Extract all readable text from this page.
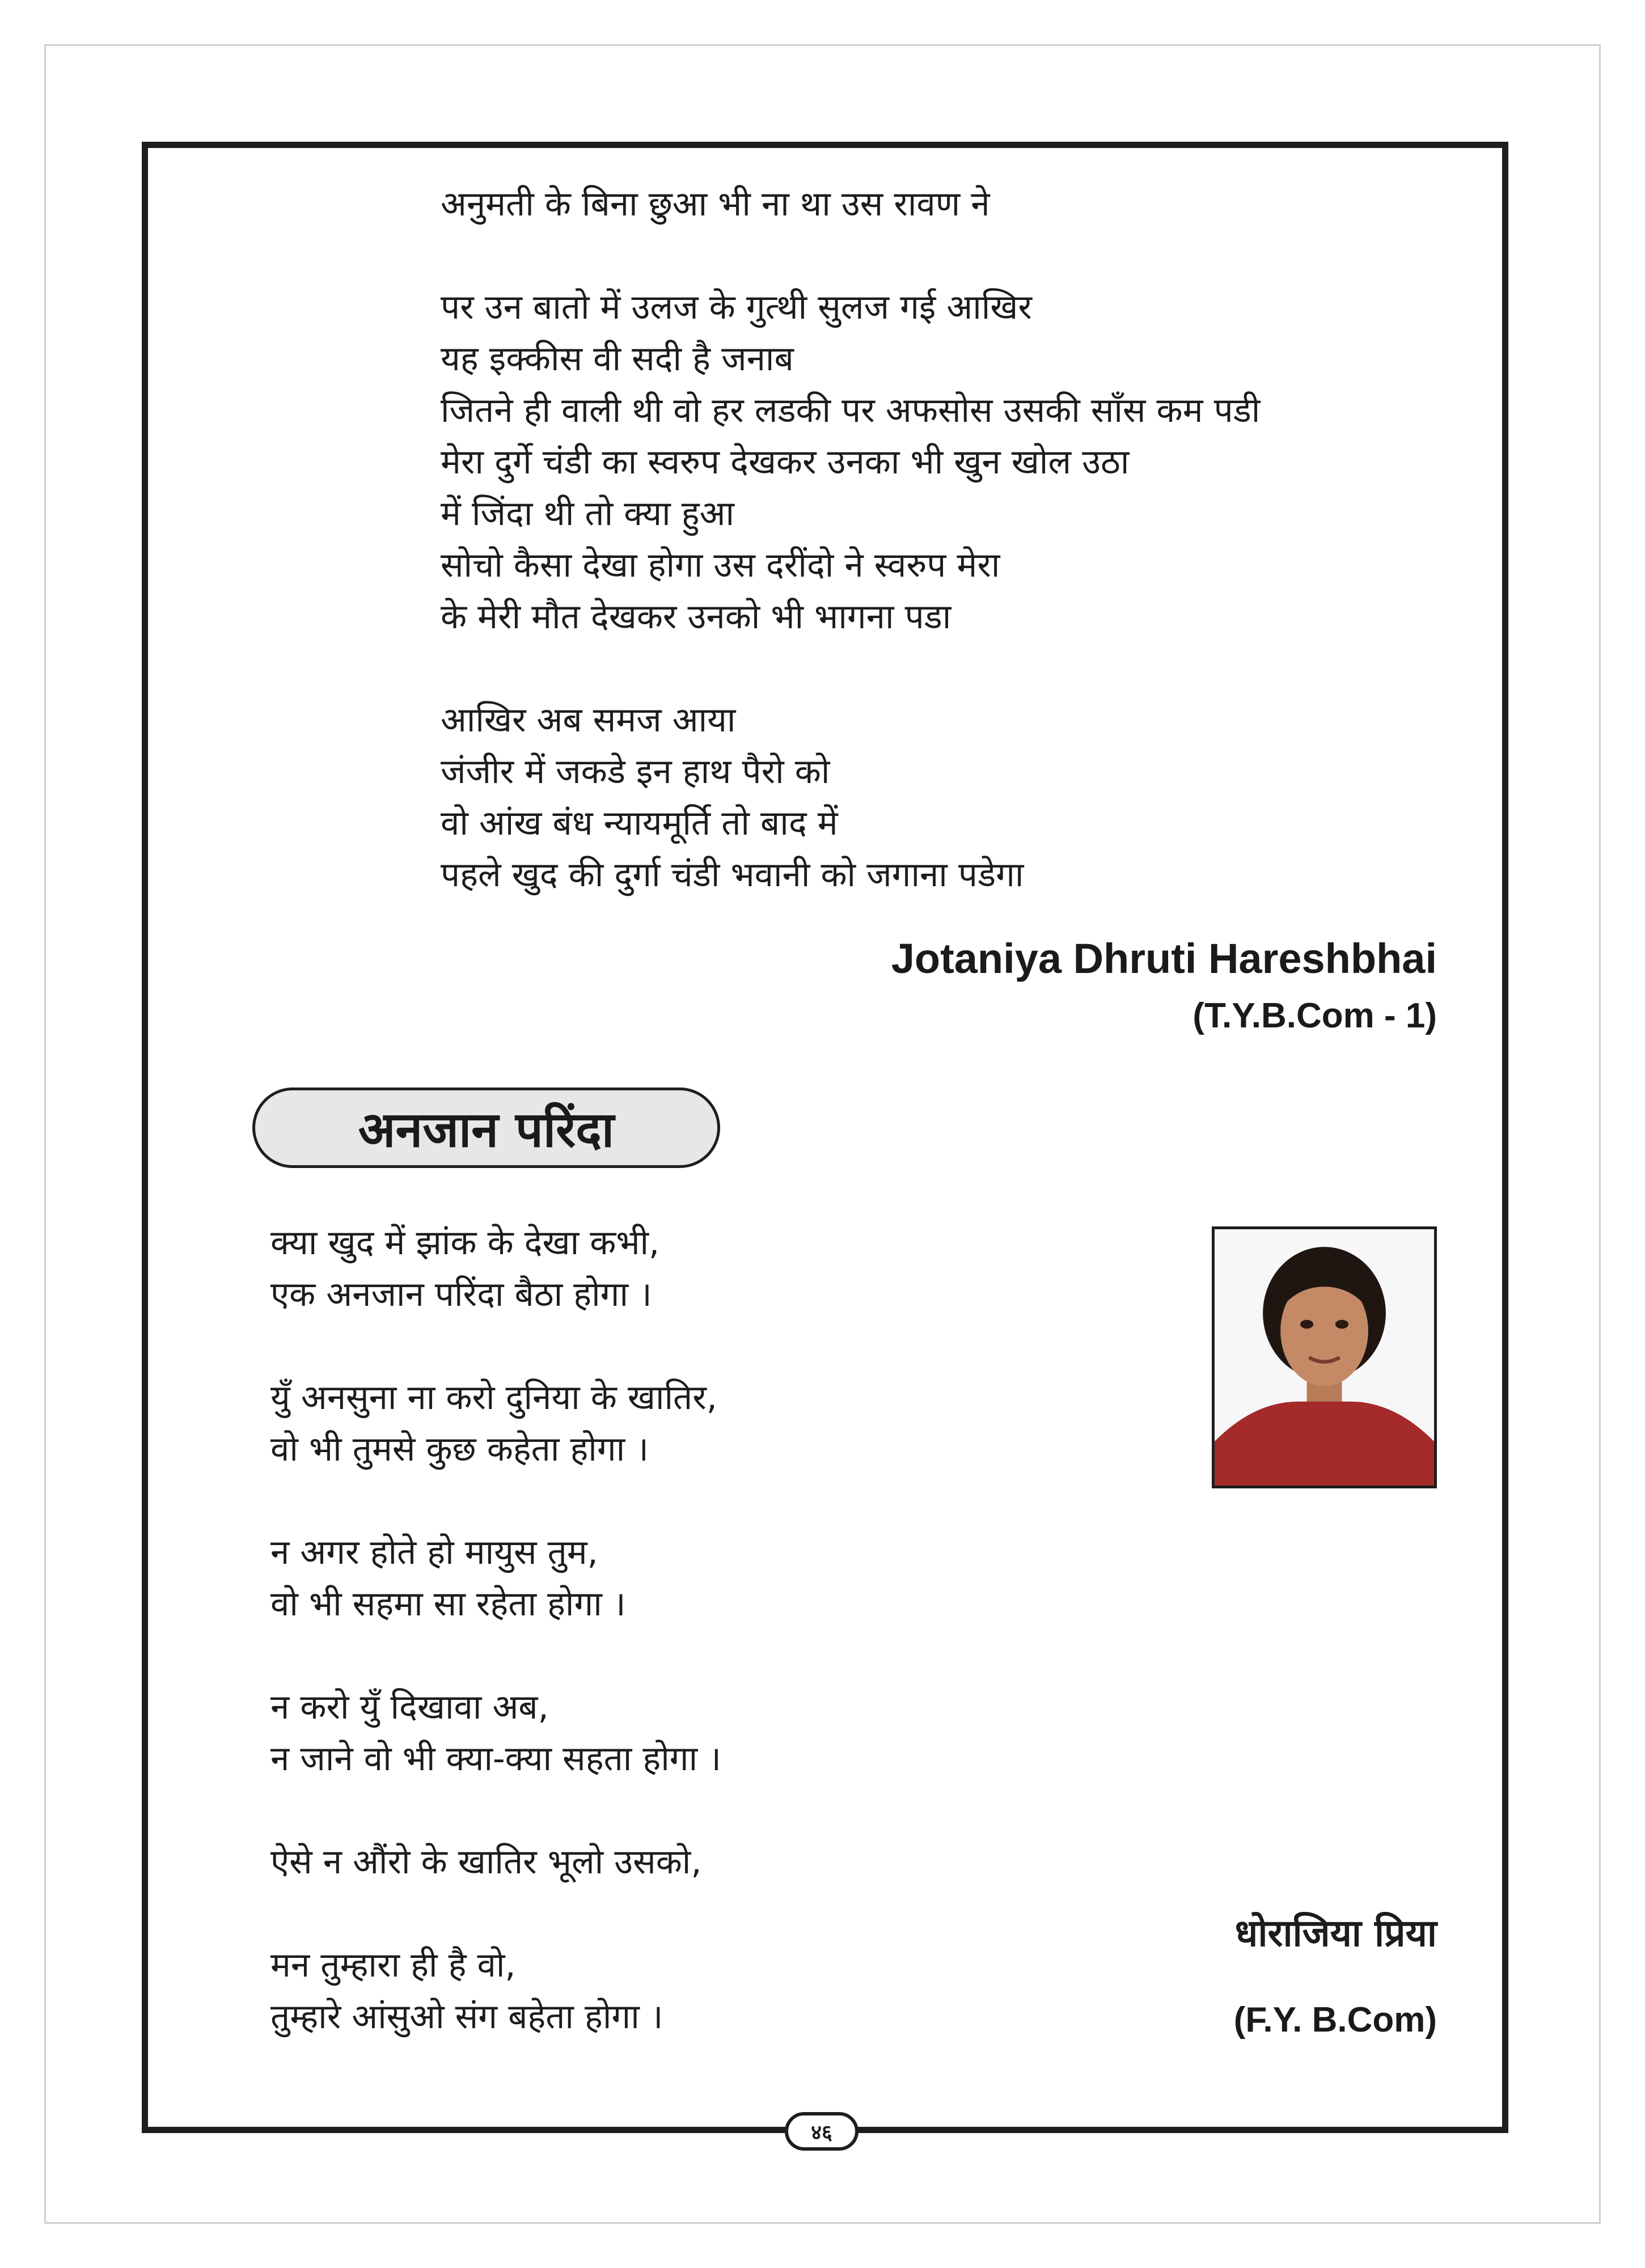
अनुमती के बिना छुआ भी ना था उस रावण ने
पर उन बातो में उलज के गुत्थी सुलज गई आखिर
यह इक्कीस वी सदी है जनाब
जितने ही वाली थी वो हर लडकी पर अफसोस उसकी साँस कम पडी
मेरा दुर्गे चंडी का स्वरुप देखकर उनका भी खुन खोल उठा
में जिंदा थी तो क्या हुआ
सोचो कैसा देखा होगा उस दरींदो ने स्वरुप मेरा
के मेरी मौत देखकर उनको भी भागना पडा
आखिर अब समज आया
जंजीर में जकडे इन हाथ पैरो को
वो आंख बंध न्यायमूर्ति तो बाद में
पहले खुद की दुर्गा चंडी भवानी को जगाना पडेगा
Jotaniya Dhruti Hareshbhai
(T.Y.B.Com - 1)
अनजान परिंदा
क्या खुद में झांक के देखा कभी,
एक अनजान परिंदा बैठा होगा ।
युँ अनसुना ना करो दुनिया के खातिर,
वो भी तुमसे कुछ कहेता होगा ।
न अगर होते हो मायुस तुम,
वो भी सहमा सा रहेता होगा ।
न करो युँ दिखावा अब,
न जाने वो भी क्या-क्या सहता होगा ।
ऐसे न औंरो के खातिर भूलो उसको,
मन तुम्हारा ही है वो,
तुम्हारे आंसुओ संग बहेता होगा ।
धोराजिया प्रिया
(F.Y. B.Com)
४६
